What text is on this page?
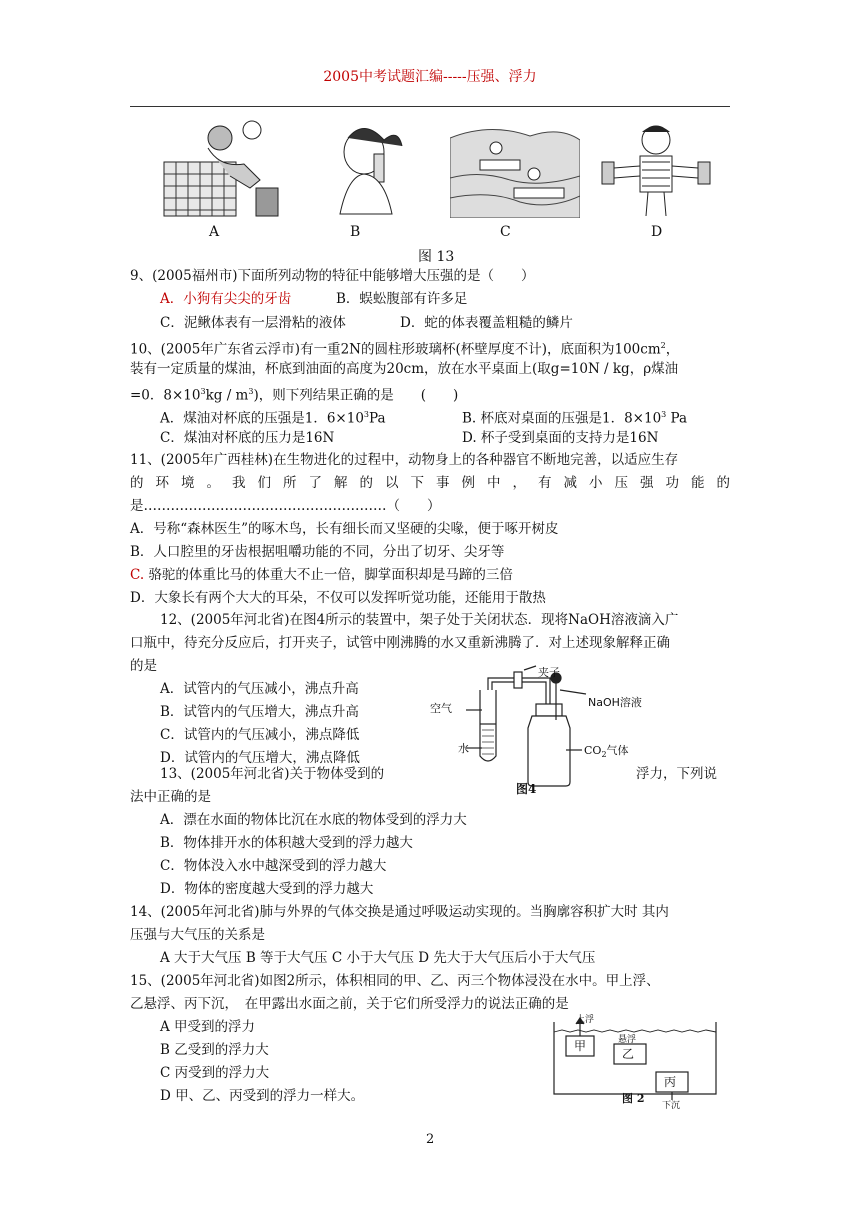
2005中考试题汇编-----压强、浮力
A	B	C	D
图 13
9、(2005福州市)下面所列动物的特征中能够增大压强的是（　　）
A．小狗有尖尖的牙齿	B．蜈蚣腹部有许多足
C．泥鳅体表有一层滑粘的液体	D．蛇的体表覆盖粗糙的鳞片
10、(2005年广东省云浮市)有一重2N的圆柱形玻璃杯(杯壁厚度不计)，底面积为$100cm^2$，
装有一定质量的煤油，杯底到油面的高度为20cm，放在水平桌面上(取g=10N / kg，ρ煤油
=0．$8\times 10^3kg / m^3$)，则下列结果正确的是　　(　　)
A．煤油对杯底的压强是1．$6\times 10^3Pa$	B. 杯底对桌面的压强是1．$8\times 10^3$ Pa
C．煤油对杯底的压力是16N	D. 杯子受到桌面的支持力是16N
11、(2005年广西桂林)在生物进化的过程中，动物身上的各种器官不断地完善，以适应生存
的 环 境 。 我 们 所 了 解 的 以 下 事 例 中 ， 有 减 小 压 强 功 能 的
是………………………………………………（　　）
A．号称“森林医生”的啄木鸟，长有细长而又坚硬的尖喙，便于啄开树皮
B．人口腔里的牙齿根据咀嚼功能的不同，分出了切牙、尖牙等
C. 骆驼的体重比马的体重大不止一倍，脚掌面积却是马蹄的三倍
D．大象长有两个大大的耳朵，不仅可以发挥听觉功能，还能用于散热
12、(2005年河北省)在图4所示的装置中，架子处于关闭状态．现将NaOH溶液滴入广
口瓶中，待充分反应后，打开夹子，试管中刚沸腾的水又重新沸腾了．对上述现象解释正确
的是
A．试管内的气压减小，沸点升高
B．试管内的气压增大，沸点升高
C．试管内的气压减小，沸点降低
D．试管内的气压增大，沸点降低
夹子
空气	NaOH溶液
水	$CO_2$气体
图4
13、(2005年河北省)关于物体受到的	浮力，下列说
法中正确的是
A．漂在水面的物体比沉在水底的物体受到的浮力大
B．物体排开水的体积越大受到的浮力越大
C．物体没入水中越深受到的浮力越大
D．物体的密度越大受到的浮力越大
14、(2005年河北省)肺与外界的气体交换是通过呼吸运动实现的。当胸廓容积扩大时 其内
压强与大气压的关系是
A 大于大气压 B 等于大气压 C 小于大气压 D 先大于大气压后小于大气压
15、(2005年河北省)如图2所示，体积相同的甲、乙、丙三个物体浸没在水中。甲上浮、
乙悬浮、丙下沉，　在甲露出水面之前，关于它们所受浮力的说法正确的是
A 甲受到的浮力
B 乙受到的浮力大
C 丙受到的浮力大
D 甲、乙、丙受到的浮力一样大。
上浮
悬浮
甲
乙
丙
下沉
图 2
2
